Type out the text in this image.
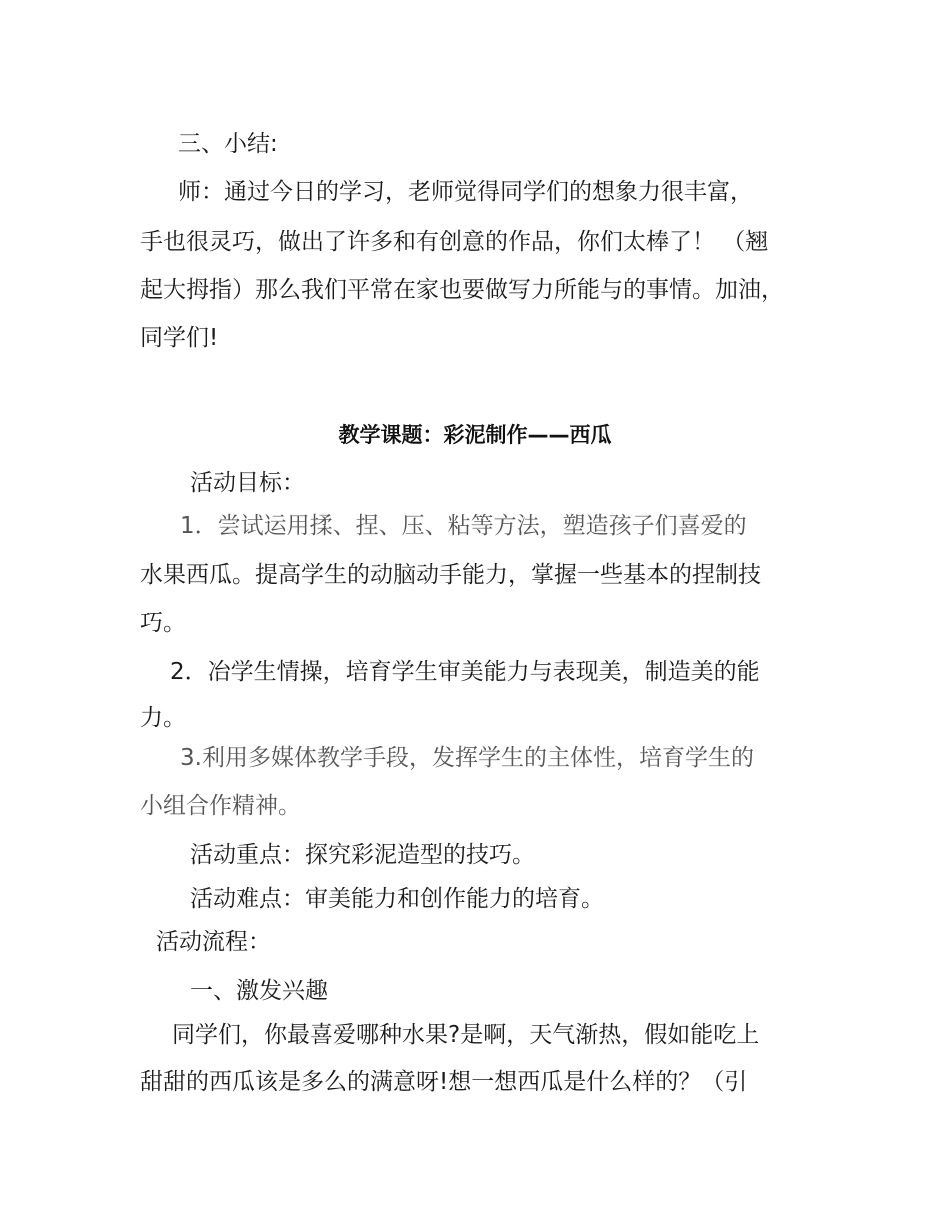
三、小结:
师：通过今日的学习，老师觉得同学们的想象力很丰富，
手也很灵巧，做出了许多和有创意的作品，你们太棒了！ （翘
起大拇指）那么我们平常在家也要做写力所能与的事情。加油，
同学们!
教学课题：彩泥制作——西瓜
活动目标：
1．尝试运用揉、捏、压、粘等方法，塑造孩子们喜爱的
水果西瓜。提高学生的动脑动手能力，掌握一些基本的捏制技
巧。
2．冶学生情操，培育学生审美能力与表现美，制造美的能
力。
3.利用多媒体教学手段，发挥学生的主体性，培育学生的
小组合作精神。
活动重点：探究彩泥造型的技巧。
活动难点：审美能力和创作能力的培育。
活动流程：
一、激发兴趣
同学们，你最喜爱哪种水果?是啊，天气渐热，假如能吃上
甜甜的西瓜该是多么的满意呀!想一想西瓜是什么样的？（引
